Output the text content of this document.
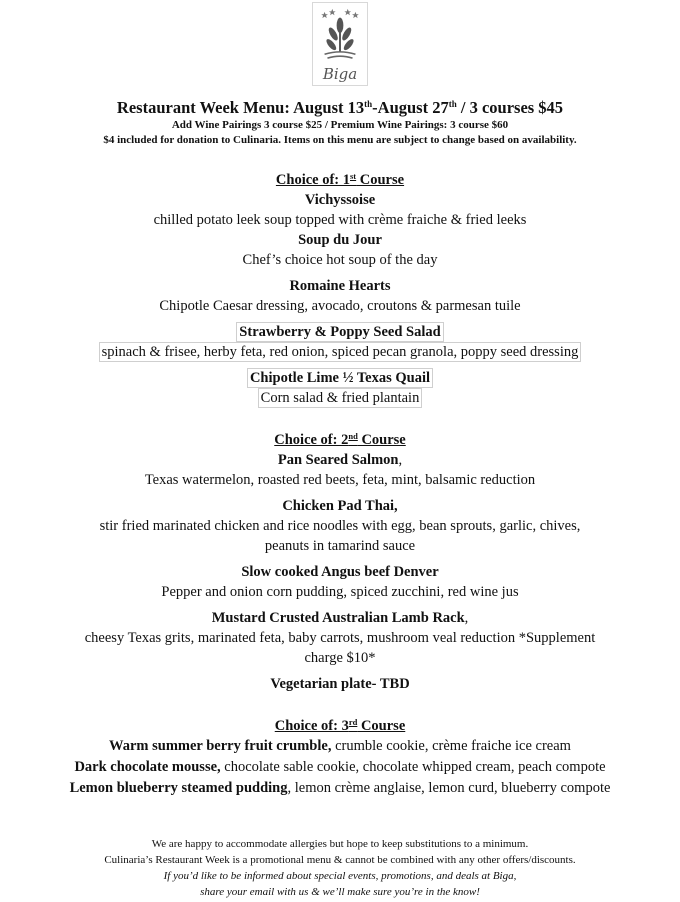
Biga
Restaurant Week Menu: August 13th-August 27th / 3 courses $45
Add Wine Pairings 3 course $25 / Premium Wine Pairings: 3 course $60
$4 included for donation to Culinaria. Items on this menu are subject to change based on availability.
Choice of: 1st Course
Vichyssoise
chilled potato leek soup topped with crème fraiche & fried leeks
Soup du Jour
Chef’s choice hot soup of the day
Romaine Hearts
Chipotle Caesar dressing, avocado, croutons & parmesan tuile
Strawberry & Poppy Seed Salad
spinach & frisee, herby feta, red onion, spiced pecan granola, poppy seed dressing
Chipotle Lime ½ Texas Quail
Corn salad & fried plantain
Choice of: 2nd Course
Pan Seared Salmon,
Texas watermelon, roasted red beets, feta, mint, balsamic reduction
Chicken Pad Thai,
stir fried marinated chicken and rice noodles with egg, bean sprouts, garlic, chives,
peanuts in tamarind sauce
Slow cooked Angus beef Denver
Pepper and onion corn pudding, spiced zucchini, red wine jus
Mustard Crusted Australian Lamb Rack,
cheesy Texas grits, marinated feta, baby carrots, mushroom veal reduction *Supplement
charge $10*
Vegetarian plate- TBD
Choice of: 3rd Course
Warm summer berry fruit crumble, crumble cookie, crème fraiche ice cream
Dark chocolate mousse, chocolate sable cookie, chocolate whipped cream, peach compote
Lemon blueberry steamed pudding, lemon crème anglaise, lemon curd, blueberry compote
We are happy to accommodate allergies but hope to keep substitutions to a minimum.
Culinaria’s Restaurant Week is a promotional menu & cannot be combined with any other offers/discounts.
If you’d like to be informed about special events, promotions, and deals at Biga,
share your email with us & we’ll make sure you’re in the know!
